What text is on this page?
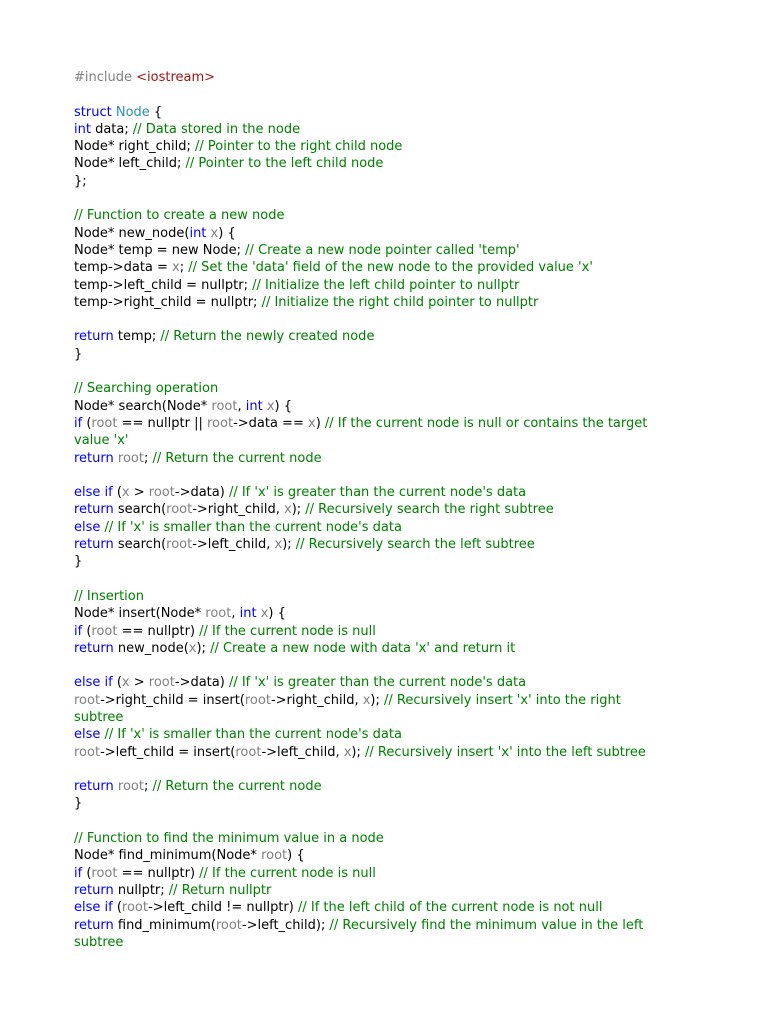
#include <iostream>
struct Node {
int data; // Data stored in the node
Node* right_child; // Pointer to the right child node
Node* left_child; // Pointer to the left child node
};
// Function to create a new node
Node* new_node(int x) {
Node* temp = new Node; // Create a new node pointer called 'temp'
temp->data = x; // Set the 'data' field of the new node to the provided value 'x'
temp->left_child = nullptr; // Initialize the left child pointer to nullptr
temp->right_child = nullptr; // Initialize the right child pointer to nullptr
return temp; // Return the newly created node
}
// Searching operation
Node* search(Node* root, int x) {
if (root == nullptr || root->data == x) // If the current node is null or contains the target
value 'x'
return root; // Return the current node
else if (x > root->data) // If 'x' is greater than the current node's data
return search(root->right_child, x); // Recursively search the right subtree
else // If 'x' is smaller than the current node's data
return search(root->left_child, x); // Recursively search the left subtree
}
// Insertion
Node* insert(Node* root, int x) {
if (root == nullptr) // If the current node is null
return new_node(x); // Create a new node with data 'x' and return it
else if (x > root->data) // If 'x' is greater than the current node's data
root->right_child = insert(root->right_child, x); // Recursively insert 'x' into the right
subtree
else // If 'x' is smaller than the current node's data
root->left_child = insert(root->left_child, x); // Recursively insert 'x' into the left subtree
return root; // Return the current node
}
// Function to find the minimum value in a node
Node* find_minimum(Node* root) {
if (root == nullptr) // If the current node is null
return nullptr; // Return nullptr
else if (root->left_child != nullptr) // If the left child of the current node is not null
return find_minimum(root->left_child); // Recursively find the minimum value in the left
subtree
